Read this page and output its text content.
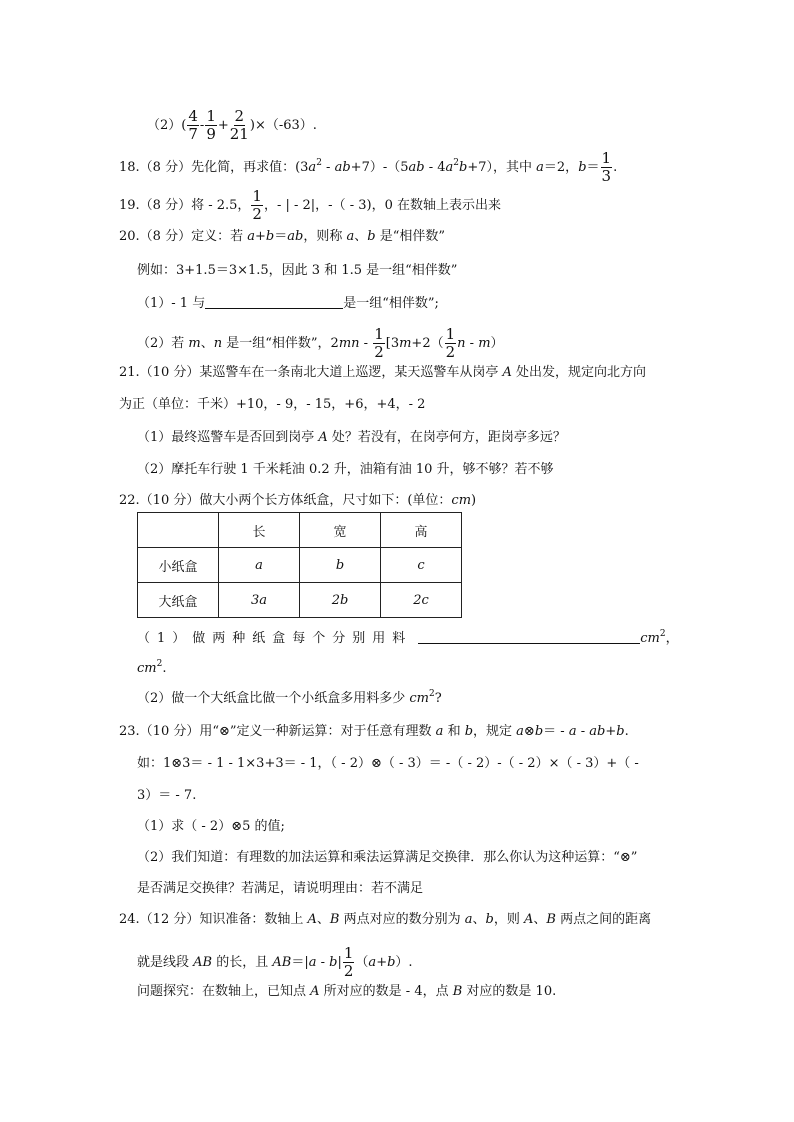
$(2)( \frac{4}{7} - \frac{1}{9} + \frac{2}{21} )\times(-63)$.
18.（8 分）先化简，再求值：$(3a^2 - ab+7)-(5ab - 4a^2b+7)$，其中 a＝2，$b= \frac{1}{3}$ .
19.（8 分）将 - 2.5， $\frac{1}{2}$ ，- | - 2|，-（ - 3)，0 在数轴上表示出来
20.（8 分）定义：若 a+b＝ab，则称 a、b 是“相伴数”
例如：3+1.5＝3×1.5，因此 3 和 1.5 是一组“相伴数”
（1）- 1 与	是一组“相伴数”;
（2）若 m、n 是一组“相伴数”，$2mn - \frac{1}{2} [3m+2( \frac{1}{2}$ n - m）
21.（10 分）某巡警车在一条南北大道上巡逻，某天巡警车从岗亭 A 处出发，规定向北方向
为正（单位：千米）+10，- 9，- 15，+6，+4，- 2
（1）最终巡警车是否回到岗亭 A 处？若没有，在岗亭何方，距岗亭多远？
（2）摩托车行驶 1 千米耗油 0.2 升，油箱有油 10 升，够不够？若不够
22.（10 分）做大小两个长方体纸盒，尺寸如下：(单位：cm)
	长	宽	高
小纸盒	a	b	c
大纸盒	3a	2b	2c
（1）做两种纸盒每个分别用料	$cm^2$，
$cm^2$.
（2）做一个大纸盒比做一个小纸盒多用料多少 $cm^2$?
23.（10 分）用“⊗”定义一种新运算：对于任意有理数 a 和 b，规定 a⊗b＝ - a - ab+b.
如：1⊗3＝ - 1 - 1×3+3＝ - 1，（ - 2）⊗（ - 3）＝ -（ - 2）-（ - 2）×（ - 3）+（ -
3）＝ - 7.
（1）求（ - 2）⊗5 的值;
（2）我们知道：有理数的加法运算和乘法运算满足交换律．那么你认为这种运算：“⊗”
是否满足交换律？若满足，请说明理由：若不满足
24.（12 分）知识准备：数轴上 A、B 两点对应的数分别为 a、b，则 A、B 两点之间的距离
就是线段 AB 的长，且 $AB=|a - b| \frac{1}{2} (a+b)$.
问题探究：在数轴上，已知点 A 所对应的数是 - 4，点 B 对应的数是 10.
